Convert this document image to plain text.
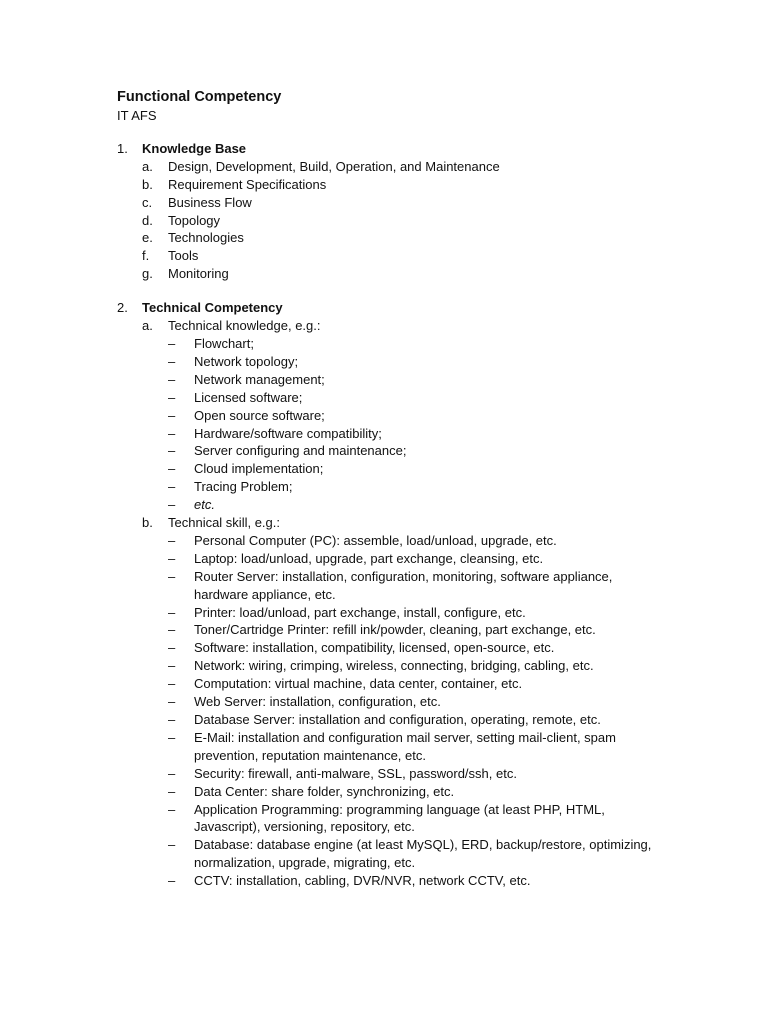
Functional Competency

IT AFS

1.	Knowledge Base
a.	Design, Development, Build, Operation, and Maintenance
b.	Requirement Specifications
c.	Business Flow
d.	Topology
e.	Technologies
f.	Tools
g.	Monitoring
2.	Technical Competency
a.	Technical knowledge, e.g.:
–	Flowchart;
–	Network topology;
–	Network management;
–	Licensed software;
–	Open source software;
–	Hardware/software compatibility;
–	Server configuring and maintenance;
–	Cloud implementation;
–	Tracing Problem;
–	etc.
b.	Technical skill, e.g.:
–	Personal Computer (PC): assemble, load/unload, upgrade, etc.
–	Laptop: load/unload, upgrade, part exchange, cleansing, etc.
–	Router Server: installation, configuration, monitoring, software appliance, hardware appliance, etc.
–	Printer: load/unload, part exchange, install, configure, etc.
–	Toner/Cartridge Printer: refill ink/powder, cleaning, part exchange, etc.
–	Software: installation, compatibility, licensed, open-source, etc.
–	Network: wiring, crimping, wireless, connecting, bridging, cabling, etc.
–	Computation: virtual machine, data center, container, etc.
–	Web Server: installation, configuration, etc.
–	Database Server: installation and configuration, operating, remote, etc.
–	E-Mail: installation and configuration mail server, setting mail-client, spam prevention, reputation maintenance, etc.
–	Security: firewall, anti-malware, SSL, password/ssh, etc.
–	Data Center: share folder, synchronizing, etc.
–	Application Programming: programming language (at least PHP, HTML, Javascript), versioning, repository, etc.
–	Database: database engine (at least MySQL), ERD, backup/restore, optimizing, normalization, upgrade, migrating, etc.
–	CCTV: installation, cabling, DVR/NVR, network CCTV, etc.
